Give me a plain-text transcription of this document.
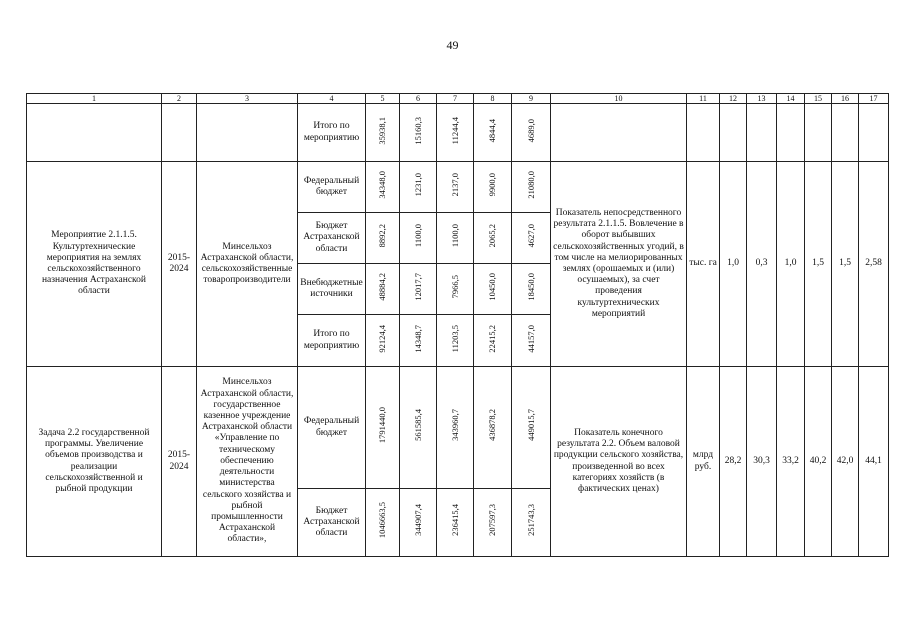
49
1	2	3	4	5	6	7	8	9	10	11	12	13	14	15	16	17
			Итого по мероприятию	35938,1	15160,3	11244,4	4844,4	4689,0								
Мероприятие 2.1.1.5. Культуртехнические мероприятия на землях сельскохозяйственного назначения Астраханской области	2015-2024	Минсельхоз Астраханской области, сельскохозяйственные товаропроизводители	Федеральный бюджет	34348,0	1231,0	2137,0	9900,0	21080,0	Показатель непосредственного результата 2.1.1.5. Вовлечение в оборот выбывших сельскохозяйственных угодий, в том числе на мелиорированных землях (орошаемых и (или) осушаемых), за счет проведения культуртехнических мероприятий	тыс. га	1,0	0,3	1,0	1,5	1,5	2,58
			Бюджет Астраханской области	8892,2	1100,0	1100,0	2065,2	4627,0								
			Внебюджетные источники	48884,2	12017,7	7966,5	10450,0	18450,0								
			Итого по мероприятию	92124,4	14348,7	11203,5	22415,2	44157,0								
Задача 2.2 государственной программы. Увеличение объемов производства и реализации сельскохозяйственной и рыбной продукции	2015-2024	Минсельхоз Астраханской области, государственное казенное учреждение Астраханской области «Управление по техническому обеспечению деятельности министерства сельского хозяйства и рыбной промышленности Астраханской области»,	Федеральный бюджет	1791440,0	561585,4	343960,7	436878,2	449015,7	Показатель конечного результата 2.2. Объем валовой продукции сельского хозяйства, произведенной во всех категориях хозяйств (в фактических ценах)	млрд руб.	28,2	30,3	33,2	40,2	42,0	44,1
			Бюджет Астраханской области	1046663,5	344907,4	236415,4	207597,3	251743,3								
